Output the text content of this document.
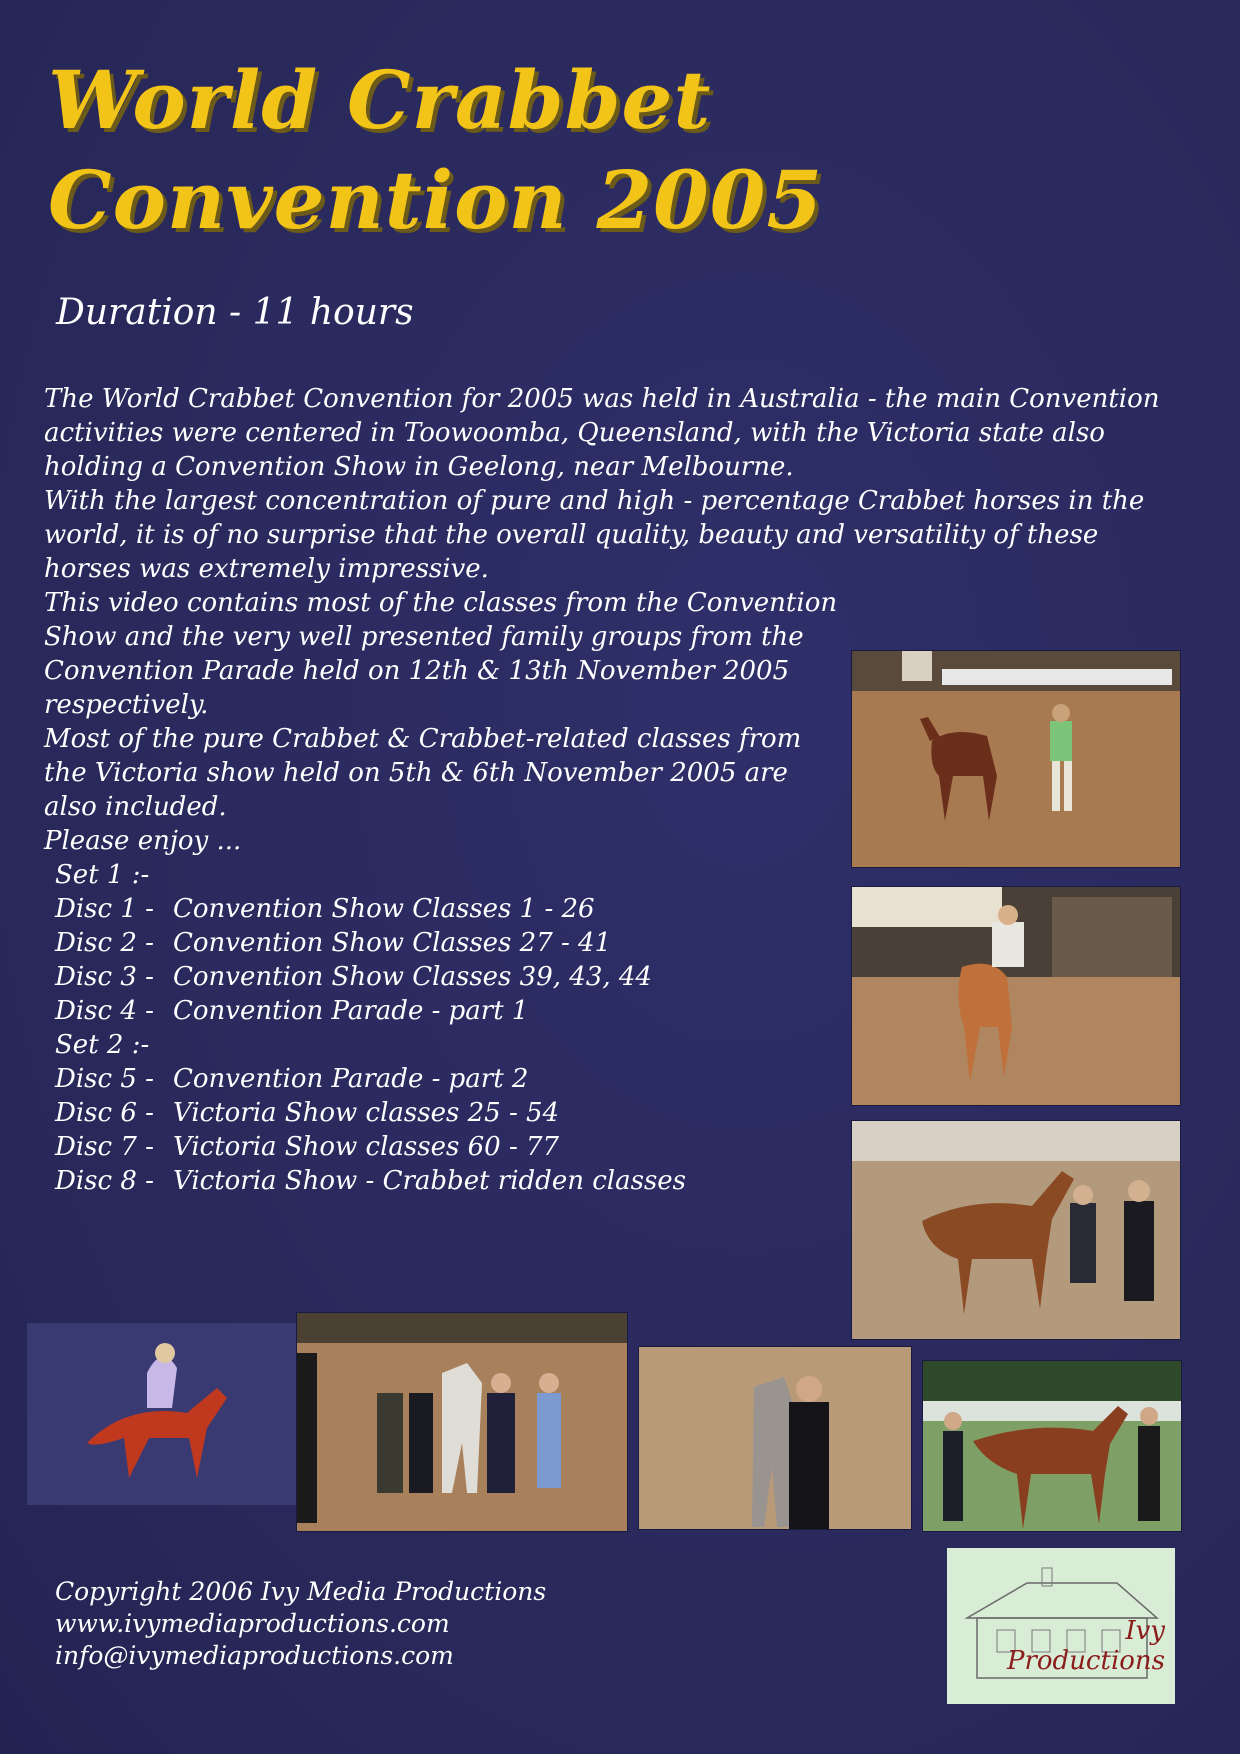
World Crabbet
Convention 2005
Duration - 11 hours

The World Crabbet Convention for 2005 was held in Australia - the main Convention activities were centered in Toowoomba, Queensland, with the Victoria state also holding a Convention Show in Geelong, near Melbourne.

With the largest concentration of pure and high - percentage Crabbet horses in the world, it is of no surprise that the overall quality, beauty and versatility of these horses was extremely impressive.

This video contains most of the classes from the Convention Show and the very well presented family groups from the Convention Parade held on 12th & 13th November 2005 respectively.

Most of the pure Crabbet & Crabbet-related classes from the Victoria show held on 5th & 6th November 2005 are also included.

Please enjoy ...

Set 1 :-
Disc 1 - Convention Show Classes 1 - 26
Disc 2 - Convention Show Classes 27 - 41
Disc 3 - Convention Show Classes 39, 43, 44
Disc 4 - Convention Parade - part 1
Set 2 :-
Disc 5 - Convention Parade - part 2
Disc 6 - Victoria Show classes 25 - 54
Disc 7 - Victoria Show classes 60 - 77
Disc 8 - Victoria Show - Crabbet ridden classes
Copyright 2006 Ivy Media Productions
www.ivymediaproductions.com
info@ivymediaproductions.com
Ivy
Productions
